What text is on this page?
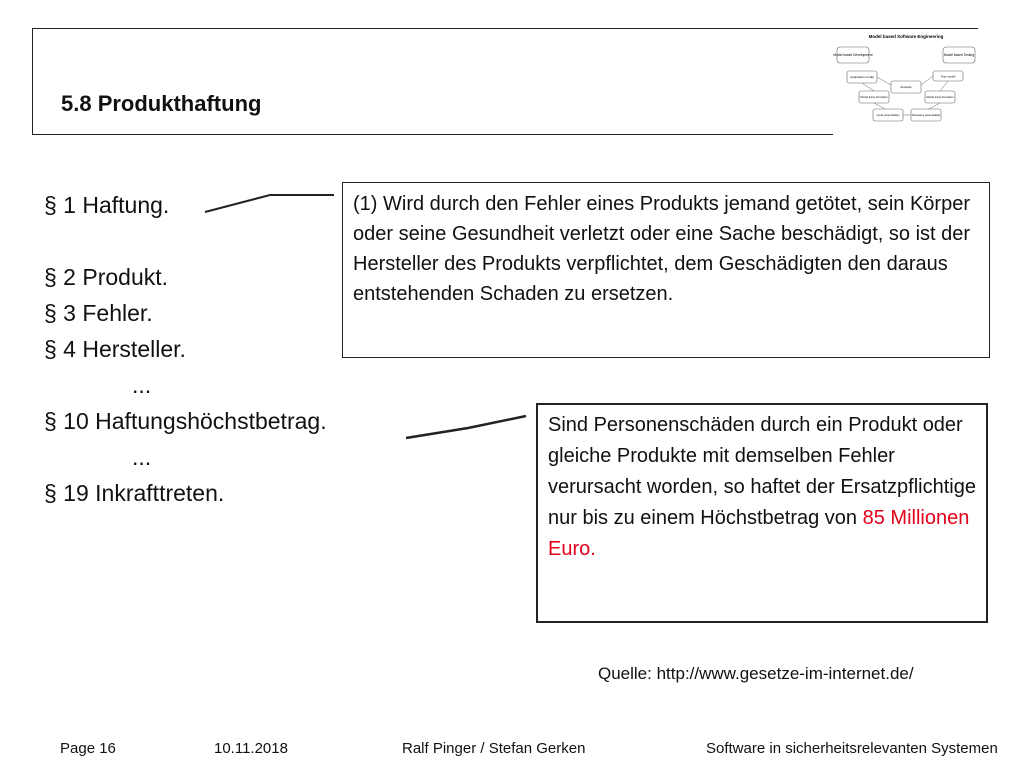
5.8 Produkthaftung
Model based Software Engineering
Model based Development	Model based Testing
Application model	Test model
Analysis
Model trans-formation	Model trans-formation
Code (executable)	Testcases (executable)
§ 1 Haftung.
§ 2 Produkt.
§ 3 Fehler.
§ 4 Hersteller.
...
§ 10 Haftungshöchstbetrag.
...
§ 19 Inkrafttreten.
(1) Wird durch den Fehler eines Produkts jemand getötet, sein Körper oder seine Gesundheit verletzt oder eine Sache beschädigt, so ist der Hersteller des Produkts verpflichtet, dem Geschädigten den daraus entstehenden Schaden zu ersetzen.
Sind Personenschäden durch ein Produkt oder gleiche Produkte mit demselben Fehler verursacht worden, so haftet der Ersatzpflichtige nur bis zu einem Höchstbetrag von 85 Millionen Euro.
Quelle: http://www.gesetze-im-internet.de/
Page 16	10.11.2018	Ralf Pinger / Stefan Gerken	Software in sicherheitsrelevanten Systemen
